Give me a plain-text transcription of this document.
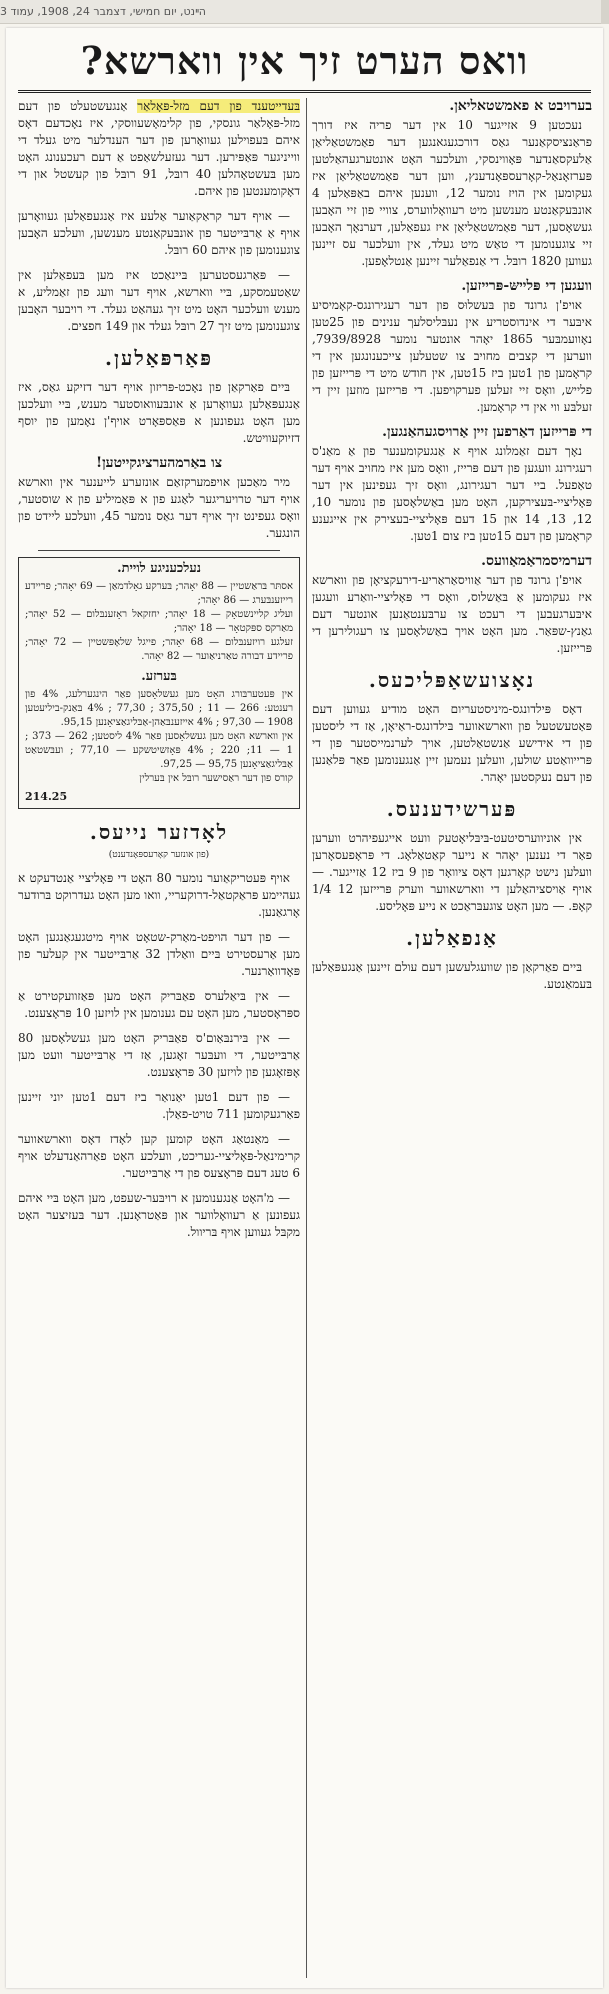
הײנט, יום חמישי, דצמבר 24, 1908, עמוד 3
וואס הערט זיך אין ווארשא?
בערויבט א פאמשטאליאן.
נעכטען 9 אזייגער 10 אין דער פריה איז דורך פראַנציסקאַנער גאַס דורכגעגאנגען דער פאַמשטאַליאַן אַלעקסאַנדער פּאָווינסקי, וועלכער האָט אונטערגעהאַלטען פּערזאָנאַל-קאָרעספּאָנדענץ, ווען דער פאַמשטאַליאַן איז געקומען אין הויז נומער 12, ווענען איהם באַפּאַלען 4 אונבּעקאַנטע מענשען מיט רעוואָלווערס, צוויי פון זיי האָבען געשאָסען, דער פאַמשטאַליאַן איז געפאַלען, דערנאָך האָבען זיי צוגענומען די טאַש מיט געלד, אין וועלכער עס זיינען געווען 1820 רובּל. די אַנפאַלער זיינען אַנטלאָפען.
וועגען די פּליישּ-פּרייזען.
אויפ'ן גרונד פון בּעשלוּס פון דער רעגירונגס-קאָמיסיע איבּער די אינדוסטריע אין נעבּליסלעך ענינים פון 25טען נאָוועמבּער 1865 יאָהר אונטער נומער 7939/8928, ווערען די קצבים מחויב צו שטעלען צייכענונגען אין די קראָמען פון 1טען ביז 15טען, אין חודש מיט די פּרייזען פון פלייש, וואָס זיי זעלען פערקויפען. די פּרייזען מוזען זיין די זעלבּע ווי אין די קראָמען.
די פּרייזען דאַרפען זיין אַרויסגעהאַנגען.
נאָך דעם זאַמלונג אויף א אַנגעקומענער פון אַ מאַנ'ס רעגירונג וועגען פון דעם פּרייז, וואָס מען איז מחויב אויף דער טאַפעל. ביי דער רעגירונג, וואָס זיך געפינען אין דער פּאָליציי-בּעצירקען, האָט מען באַשלאָסען פון נומער 10, 12, 13, 14 און 15 דעם פּאָליציי-בעצירק אין אייגענע קראָמען פון דעם 15טען ביז צום 1טען.
דערמיסמראַמאַוועס.
אויפ'ן גרונד פון דער אַוויסאַראַריע-דירעקציאָן פון ווארשא איז געקומען אַ בּאַשלוס, וואָס די פּאָליציי-וואַרע וועגען איבּערגעבען די רעכט צו ערבּענטאַנען אונטער דעם גאַנץ-שפּאַר. מען האָט אויך באַשלאָסען צו רעגולירען די פּרייזען.
נאָצועשאַפּליכעס.
דאָס פּילדונגס-מיניסטעריום האָט מודיע געווען דעם פּאַטעשטעל פון ווארשאווער בּילדונגס-ראַיאָן, אַז די ליסטען פון די אידישע אַנשטאַלטען, אויך לערנמייסטער פון די פּרייוואַטע שולען, וועלען נעמען זיין אַנגענומען פאַר פּלאַנען פון דעם נעקסטען יאָהר.
פּערשידענעס.
אין אוניווערסיטעט-בּיבּליאָטעק וועט אייגעפיהרט ווערען פאַר די נענען יאָהר א נייער קאַטאַלאָג. די פּראָפעסאָרען וועלען נישט קאָרגען דאָס ציוואָר פון 9 ביז 12 אַזייגער. — אויף אַויסציהאַלען די ווארשאווער ווערק פּרייזען 12 1/4 קאָפּ. — מען האָט צוגעבּראַכט א נייע פּאָליסע.
אַנפאַלען.
בּיים פאַרקאַן פון שוועגלעשען דעם עולם זיינען אַנגעפּאַלען בּעמאַנטע.
בּעדייטענד פון דעם מזל-פּאָלאַר אַנגעשטעלט פון דעם מזל-פּאָלאַר גונסקי, פון קלימאָשעווסקי, איז נאָכדעם דאָס איהם בּעפוילען געוואָרען פון דער הענדלער מיט געלד די ווייניגער פּאַפּירען. דער געזעלשאַפט אַ דעם רעכענונג האָט מען בּעשטאָהלען 40 רובּל, 91 רובּל פון קעשטל און די דאָקומענטען פון איהם.
— אויף דער קראַקאַוער אַלעע איז אַנגעפאַלען געוואָרען אויף אַ אַרבּייטער פון אונבּעקאַנטע מענשען, וועלכע האָבען צוגענומען פון איהם 60 רובּל.
— פּאַרגעסטערען בּיינאַכט איז מען בּעפאַלען אין שאַטעמסקע, בּיי ווארשא, אויף דער וועג פון זאַמליע, א מענש וועלכער האָט מיט זיך געהאַט געלד. די רויבער האָבען צוגענומען מיט זיך 27 רובּל געלד און 149 חפצים.
פּאַרפּאַלען.
בּיים פאַרקאַן פון נאָכט-פּריזון אויף דער דזיקע גאַס, איז אַנגעפּאַלען געוואָרען אַ אונבּעוואוסטער מענש, בּיי וועלכען מען האָט געפונען א פּאַספּאָרט אויף'ן נאָמען פון יוסף דזיוקעוויטש.
צו באַרמהערציגקייטען!
מיר מאַכען אויפמערקזאַם אונזערע לייענער אין ווארשא אויף דער טרויעריגער לאַגע פון א פּאַמיליע פון א שוסטער, וואָס געפינט זיך אויף דער גאַס נומער 45, וועלכע ליידט פון הונגער.
נעלכעניגע לויית.
אסתּר בּראַשטיין — 88 יאָהר; בּערקע גאָלדמאַן — 69 יאָהר; פריידע רייזענבּערג — 86 יאָהר;
ועליג קליינשטאָק — 18 יאָהר; יחזקאל ראָזענבּלום — 52 יאָהר; מאַרקס ספּקטאָר — 18 יאָהר;
זעלגע רויזענבּלום — 68 יאָהר; פייגל שלאָפּשטיין — 72 יאָהר; פריידע דבורה טאַרניאַוער — 82 יאָהר.
בּערזע.
אין פּעטערבּורג האָט מען געשלאָסען פאַר הינגערלעג, 4% פון רענטע: 266 — 11 ; 375,50 ; 77,30 ; 4% בּאַנק-ביליעטען 1908 — 97,30 ; 4% אייזענבּאַהן-אַבּליגאַציאָנען 95,15.
אין ווארשא האָט מען געשלאָסען פאַר 4% ליסטען; 262 — 373 ; 1 — 11; 220 ; 4% פּאָזשיטשקע — 77,10 ; ועבּשטאַט אַבּליגאַציאָנען 95,75 — 97,25.
קורס פון דער ראַסישער רובּל אין בּערלין
214.25
לאָדזער נייעס.
(פון אונזער קאָרעספּאָנדענט)
אויף פּעטריקאַוער נומער 80 האָט די פּאָליציי אַנטדעקט א געהיימע פּראַקטאַל-דרוקעריי, וואו מען האָט געדרוקט בּרודער אָרגאַנען.
— פון דער הויפט-מאַרק-שטאָט אויף מיטגעגאַנגען האָט מען אַרעסטירט בּיים וואַלדן 32 אַרבּייטער אין קעלער פון פּאָדוואַרנער.
— אין בּיאַלערס פאַבּריק האָט מען פּאַזוועקטירט אַ ספּראָסטער, מען האָט עם גענומען אין לויזען 10 פּראָצענט.
— אין בּירנבּאַום'ס פאַבּריק האָט מען געשלאָסען 80 אַרבּייטער, די וועבּער זאָגען, אַז די אַרבּייטער וועט מען אָפּזאָגען פון לויזען 30 פּראָצענט.
— פון דעם 1טען יאַנואַר ביז דעם 1טען יוני זיינען פאַרגעקומען 711 טויט-פאַלן.
— מאַנטאַג האָט קומען קען לאָדז דאָס ווארשאווער קרימינאַל-פּאָליציי-געריכט, וועלכע האָט פאַרהאַנדעלט אויף 6 טעג דעם פּראָצעס פון די אַרבּייטער.
— מ'האָט אַנגענומען א רויבּער-שעפט, מען האָט בּיי איהם געפונען אַ רעוואָלווער און פּאַטראָנען. דער בּעזיצער האָט מקבּל געווען אויף בּריוול.
